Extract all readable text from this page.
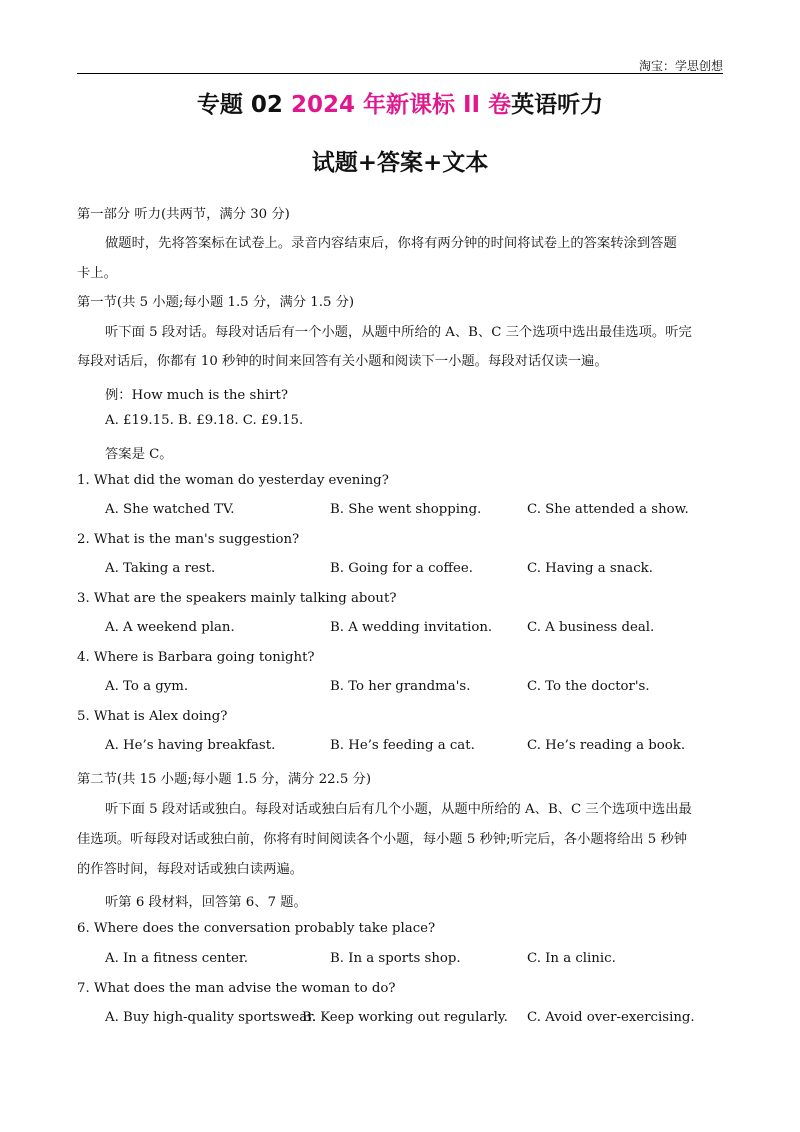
淘宝：学思创想
专题 02 2024 年新课标 II 卷英语听力
试题+答案+文本
第一部分 听力(共两节，满分 30 分)
做题时，先将答案标在试卷上。录音内容结束后，你将有两分钟的时间将试卷上的答案转涂到答题
卡上。
第一节(共 5 小题;每小题 1.5 分，满分 1.5 分)
听下面 5 段对话。每段对话后有一个小题，从题中所给的 A、B、C 三个选项中选出最佳选项。听完
每段对话后，你都有 10 秒钟的时间来回答有关小题和阅读下一小题。每段对话仅读一遍。
例：How much is the shirt?
A. £19.15. B. £9.18. C. £9.15.
答案是 C。
1. What did the woman do yesterday evening?
A. She watched TV.	B. She went shopping.	C. She attended a show.
2. What is the man's suggestion?
A. Taking a rest.	B. Going for a coffee.	C. Having a snack.
3. What are the speakers mainly talking about?
A. A weekend plan.	B. A wedding invitation.	C. A business deal.
4. Where is Barbara going tonight?
A. To a gym.	B. To her grandma's.	C. To the doctor's.
5. What is Alex doing?
A. He’s having breakfast.	B. He’s feeding a cat.	C. He’s reading a book.
第二节(共 15 小题;每小题 1.5 分，满分 22.5 分)
听下面 5 段对话或独白。每段对话或独白后有几个小题，从题中所给的 A、B、C 三个选项中选出最
佳选项。听每段对话或独白前，你将有时间阅读各个小题，每小题 5 秒钟;听完后，各小题将给出 5 秒钟
的作答时间，每段对话或独白读两遍。
听第 6 段材料，回答第 6、7 题。
6. Where does the conversation probably take place?
A. In a fitness center.	B. In a sports shop.	C. In a clinic.
7. What does the man advise the woman to do?
A. Buy high-quality sportswear.
B. Keep working out regularly. C. Avoid over-exercising.
